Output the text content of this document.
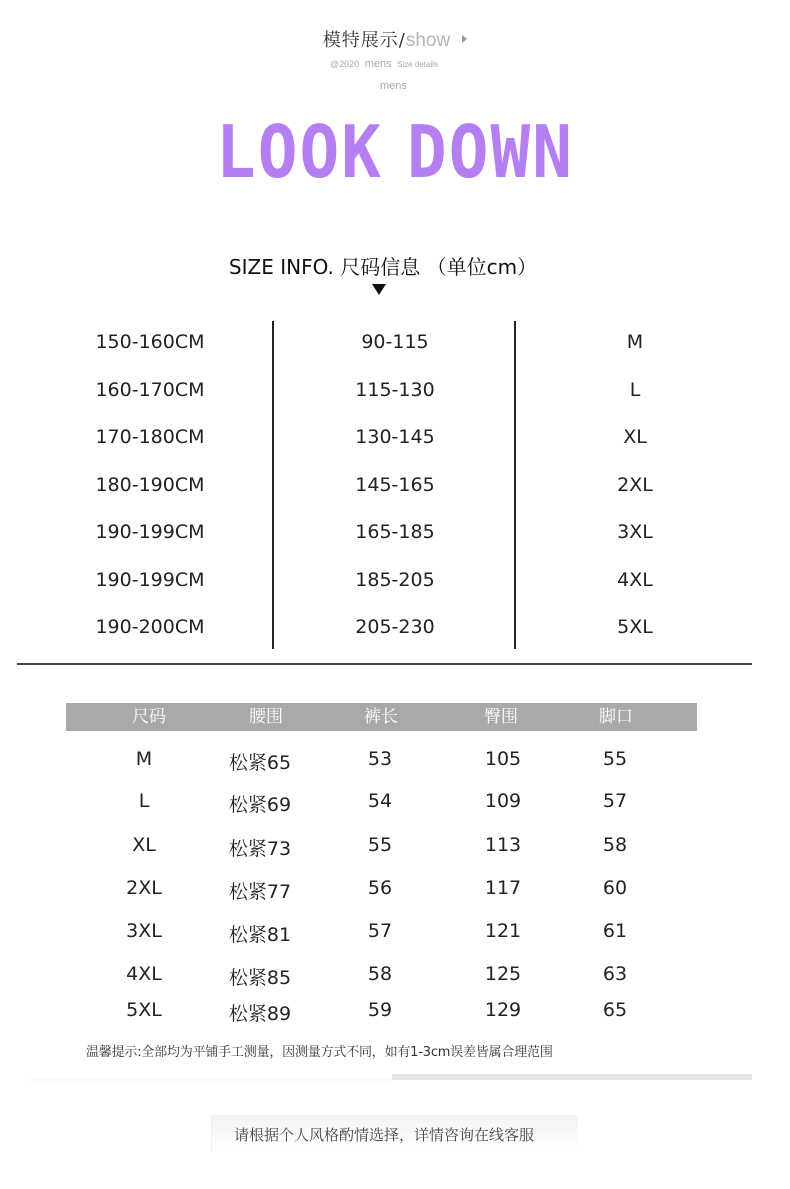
模特展示/show
@2020 mens Size details
mens
LOOK DOWN
SIZE INFO. 尺码信息 （单位cm）
150-160CM	90-115	M
160-170CM	115-130	L
170-180CM	130-145	XL
180-190CM	145-165	2XL
190-199CM	165-185	3XL
190-199CM	185-205	4XL
190-200CM	205-230	5XL
尺码	腰围	裤长	臀围	脚口
M	松紧65	53	105	55
L	松紧69	54	109	57
XL	松紧73	55	113	58
2XL	松紧77	56	117	60
3XL	松紧81	57	121	61
4XL	松紧85	58	125	63
5XL	松紧89	59	129	65
温馨提示:全部均为平铺手工测量，因测量方式不同，如有1-3cm误差皆属合理范围
请根据个人风格酌情选择，详情咨询在线客服
